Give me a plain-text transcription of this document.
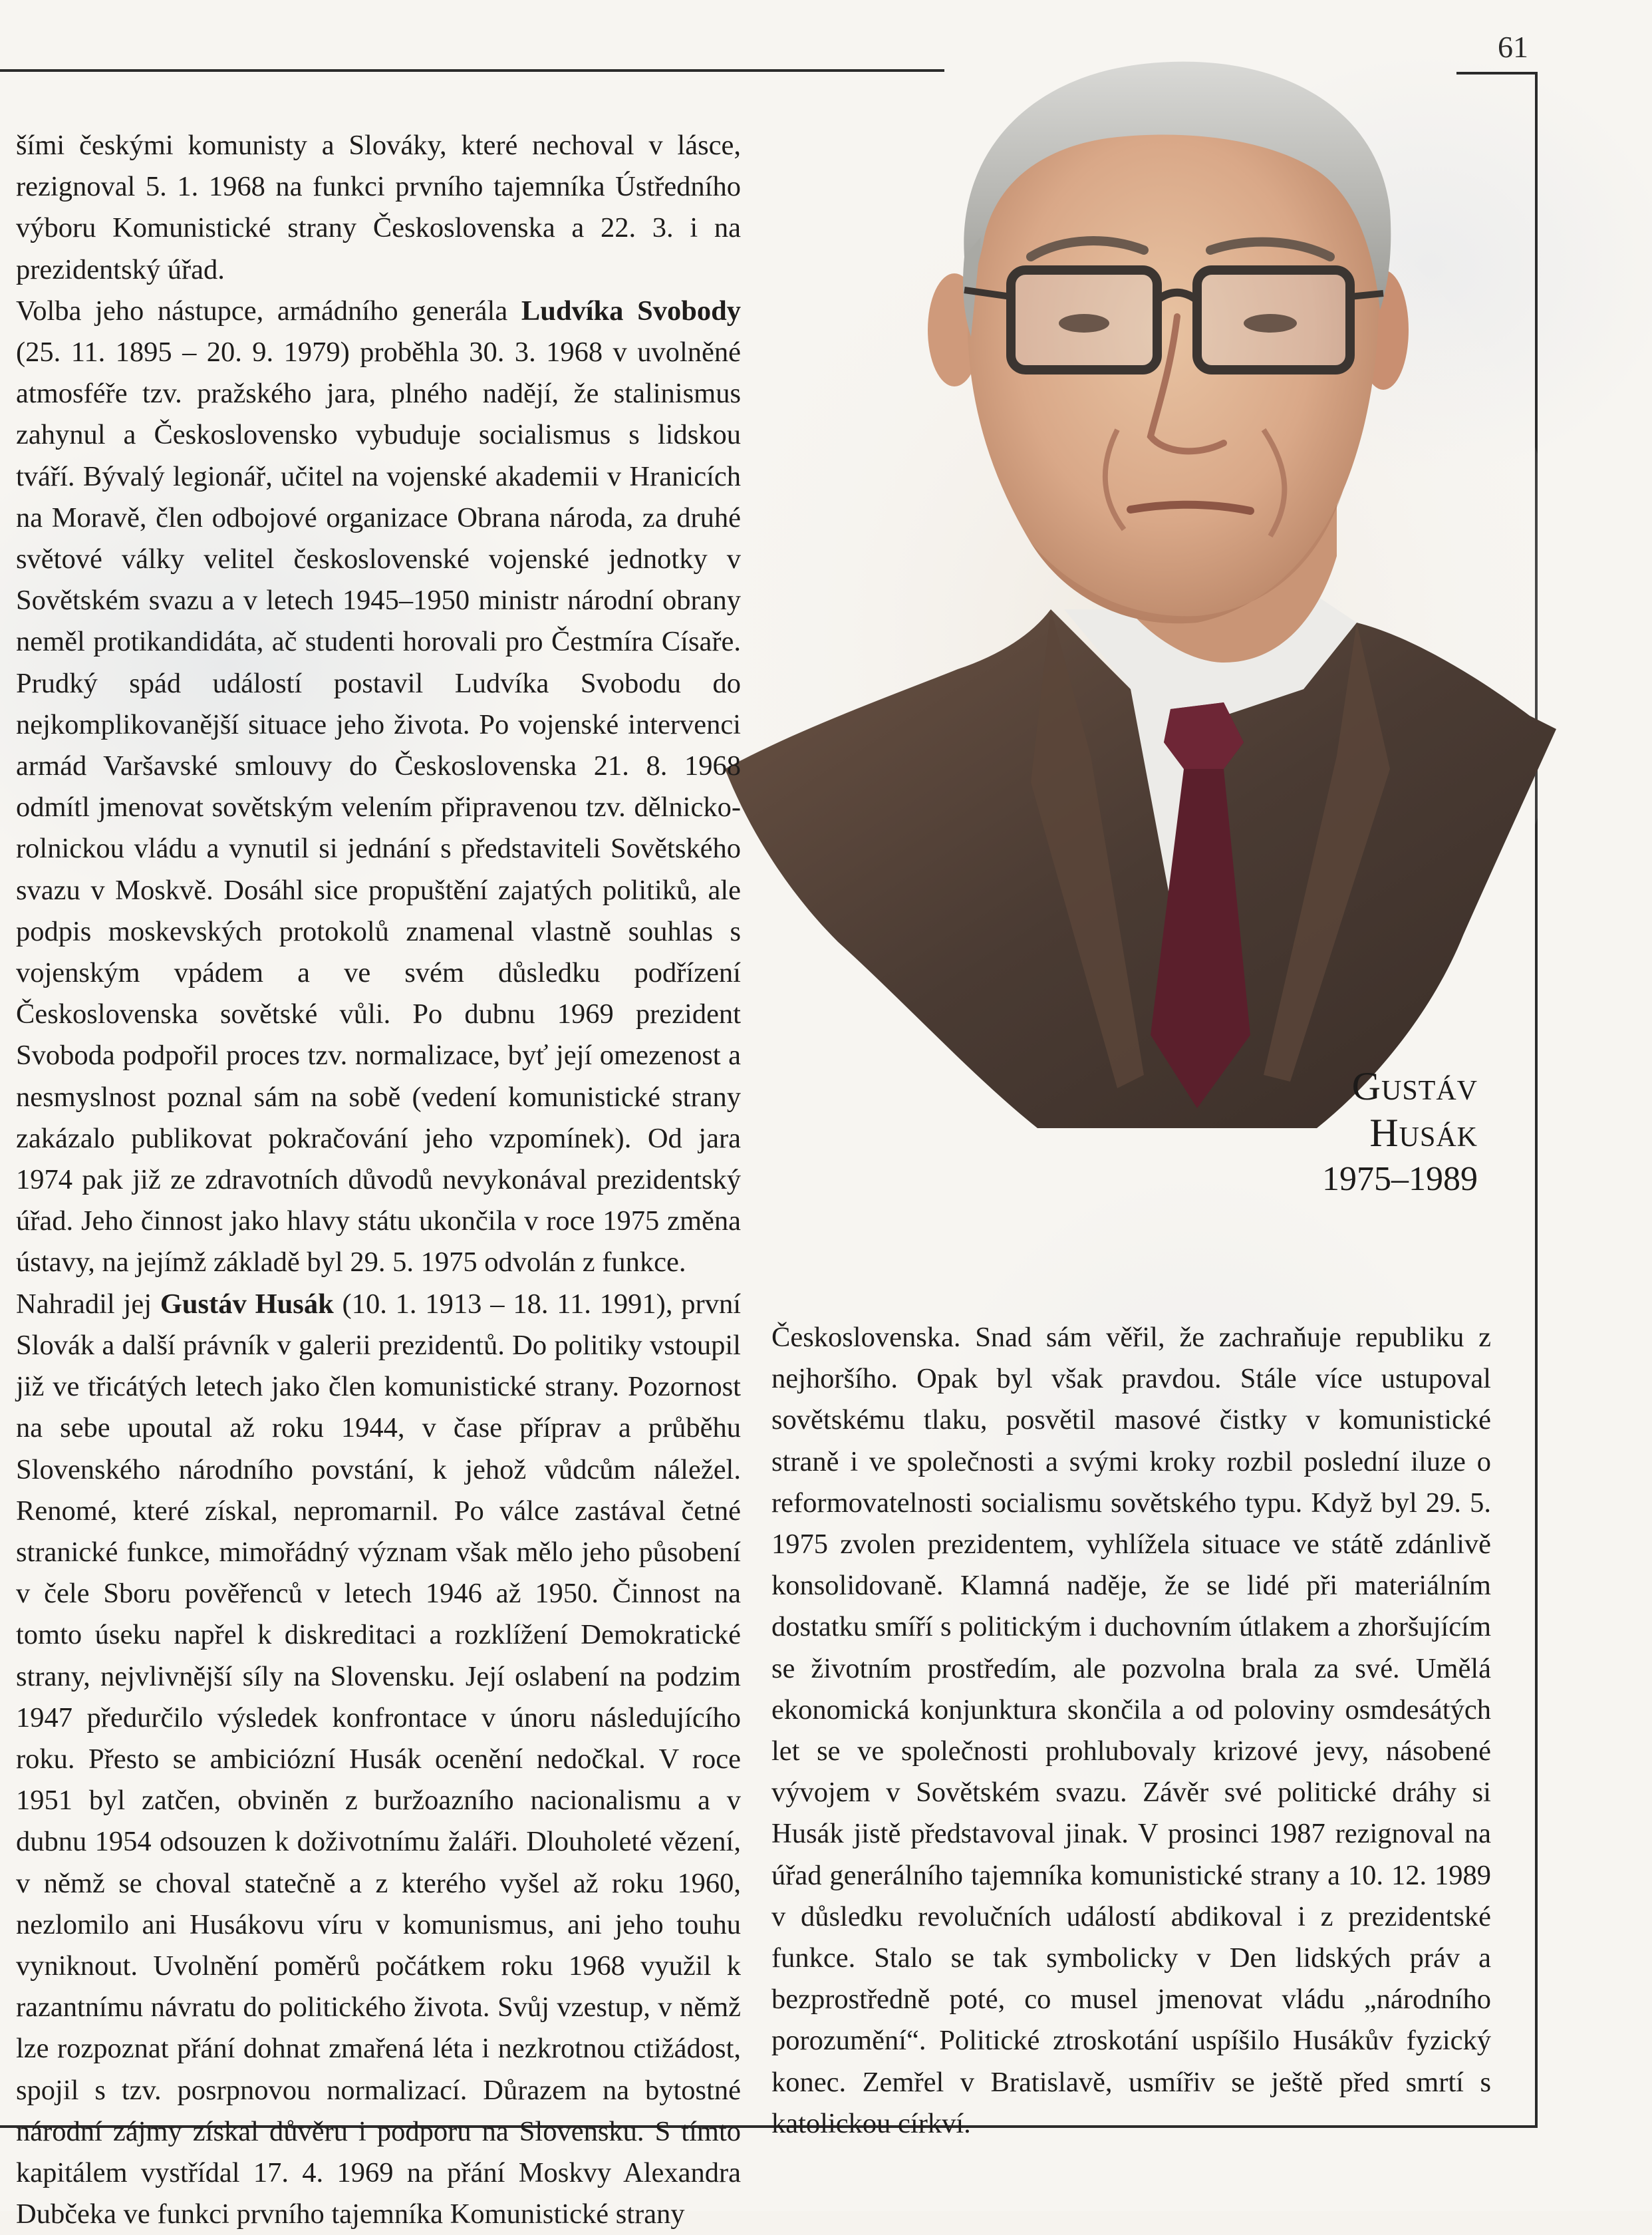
61
Gustáv
Husák
1975–1989

šími českými komunisty a Slováky, které nechoval v lásce, rezignoval 5. 1. 1968 na funkci prvního tajemníka Ústředního výboru Komunistické strany Československa a 22. 3. i na prezidentský úřad.

Volba jeho nástupce, armádního generála Ludvíka Svobody (25. 11. 1895 – 20. 9. 1979) proběhla 30. 3. 1968 v uvolněné atmosféře tzv. pražského jara, plného nadějí, že stalinismus zahynul a Československo vybuduje socialismus s lidskou tváří. Bývalý legionář, učitel na vojenské akademii v Hranicích na Moravě, člen odbojové organizace Obrana národa, za druhé světové války velitel československé vojenské jednotky v Sovětském svazu a v letech 1945–1950 ministr národní obrany neměl protikandidáta, ač studenti horovali pro Čestmíra Císaře. Prudký spád událostí postavil Ludvíka Svobodu do nejkomplikovanější situace jeho života. Po vojenské intervenci armád Varšavské smlouvy do Československa 21. 8. 1968 odmítl jmenovat sovětským velením připravenou tzv. dělnicko-rolnickou vládu a vynutil si jednání s představiteli Sovětského svazu v Moskvě. Dosáhl sice propuštění zajatých politiků, ale podpis moskevských protokolů znamenal vlastně souhlas s vojenským vpádem a ve svém důsledku podřízení Československa sovětské vůli. Po dubnu 1969 prezident Svoboda podpořil proces tzv. normalizace, byť její omezenost a nesmyslnost poznal sám na sobě (vedení komunistické strany zakázalo publikovat pokračování jeho vzpomínek). Od jara 1974 pak již ze zdravotních důvodů nevykonával prezidentský úřad. Jeho činnost jako hlavy státu ukončila v roce 1975 změna ústavy, na jejímž základě byl 29. 5. 1975 odvolán z funkce.

Nahradil jej Gustáv Husák (10. 1. 1913 – 18. 11. 1991), první Slovák a další právník v galerii prezidentů. Do politiky vstoupil již ve třicátých letech jako člen komunistické strany. Pozornost na sebe upoutal až roku 1944, v čase příprav a průběhu Slovenského národního povstání, k jehož vůdcům náležel. Renomé, které získal, nepromarnil. Po válce zastával četné stranické funkce, mimořádný význam však mělo jeho působení v čele Sboru pověřenců v letech 1946 až 1950. Činnost na tomto úseku napřel k diskreditaci a rozklížení Demokratické strany, nejvlivnější síly na Slovensku. Její oslabení na podzim 1947 předurčilo výsledek konfrontace v únoru následujícího roku. Přesto se ambiciózní Husák ocenění nedočkal. V roce 1951 byl zatčen, obviněn z buržoazního nacionalismu a v dubnu 1954 odsouzen k doživotnímu žaláři. Dlouholeté vězení, v němž se choval statečně a z kterého vyšel až roku 1960, nezlomilo ani Husákovu víru v komunismus, ani jeho touhu vyniknout. Uvolnění poměrů počátkem roku 1968 využil k razantnímu návratu do politického života. Svůj vzestup, v němž lze rozpoznat přání dohnat zmařená léta i nezkrotnou ctižádost, spojil s tzv. posrpnovou normalizací. Důrazem na bytostné národní zájmy získal důvěru i podporu na Slovensku. S tímto kapitálem vystřídal 17. 4. 1969 na přání Moskvy Alexandra Dubčeka ve funkci prvního tajemníka Komunistické strany

Československa. Snad sám věřil, že zachraňuje republiku z nejhoršího. Opak byl však pravdou. Stále více ustupoval sovětskému tlaku, posvětil masové čistky v komunistické straně i ve společnosti a svými kroky rozbil poslední iluze o reformovatelnosti socialismu sovětského typu. Když byl 29. 5. 1975 zvolen prezidentem, vyhlížela situace ve státě zdánlivě konsolidovaně. Klamná naděje, že se lidé při materiálním dostatku smíří s politickým i duchovním útlakem a zhoršujícím se životním prostředím, ale pozvolna brala za své. Umělá ekonomická konjunktura skončila a od poloviny osmdesátých let se ve společnosti prohlubovaly krizové jevy, násobené vývojem v Sovětském svazu. Závěr své politické dráhy si Husák jistě představoval jinak. V prosinci 1987 rezignoval na úřad generálního tajemníka komunistické strany a 10. 12. 1989 v důsledku revolučních událostí abdikoval i z prezidentské funkce. Stalo se tak symbolicky v Den lidských práv a bezprostředně poté, co musel jmenovat vládu „národního porozumění“. Politické ztroskotání uspíšilo Husákův fyzický konec. Zemřel v Bratislavě, usmířiv se ještě před smrtí s katolickou církví.
